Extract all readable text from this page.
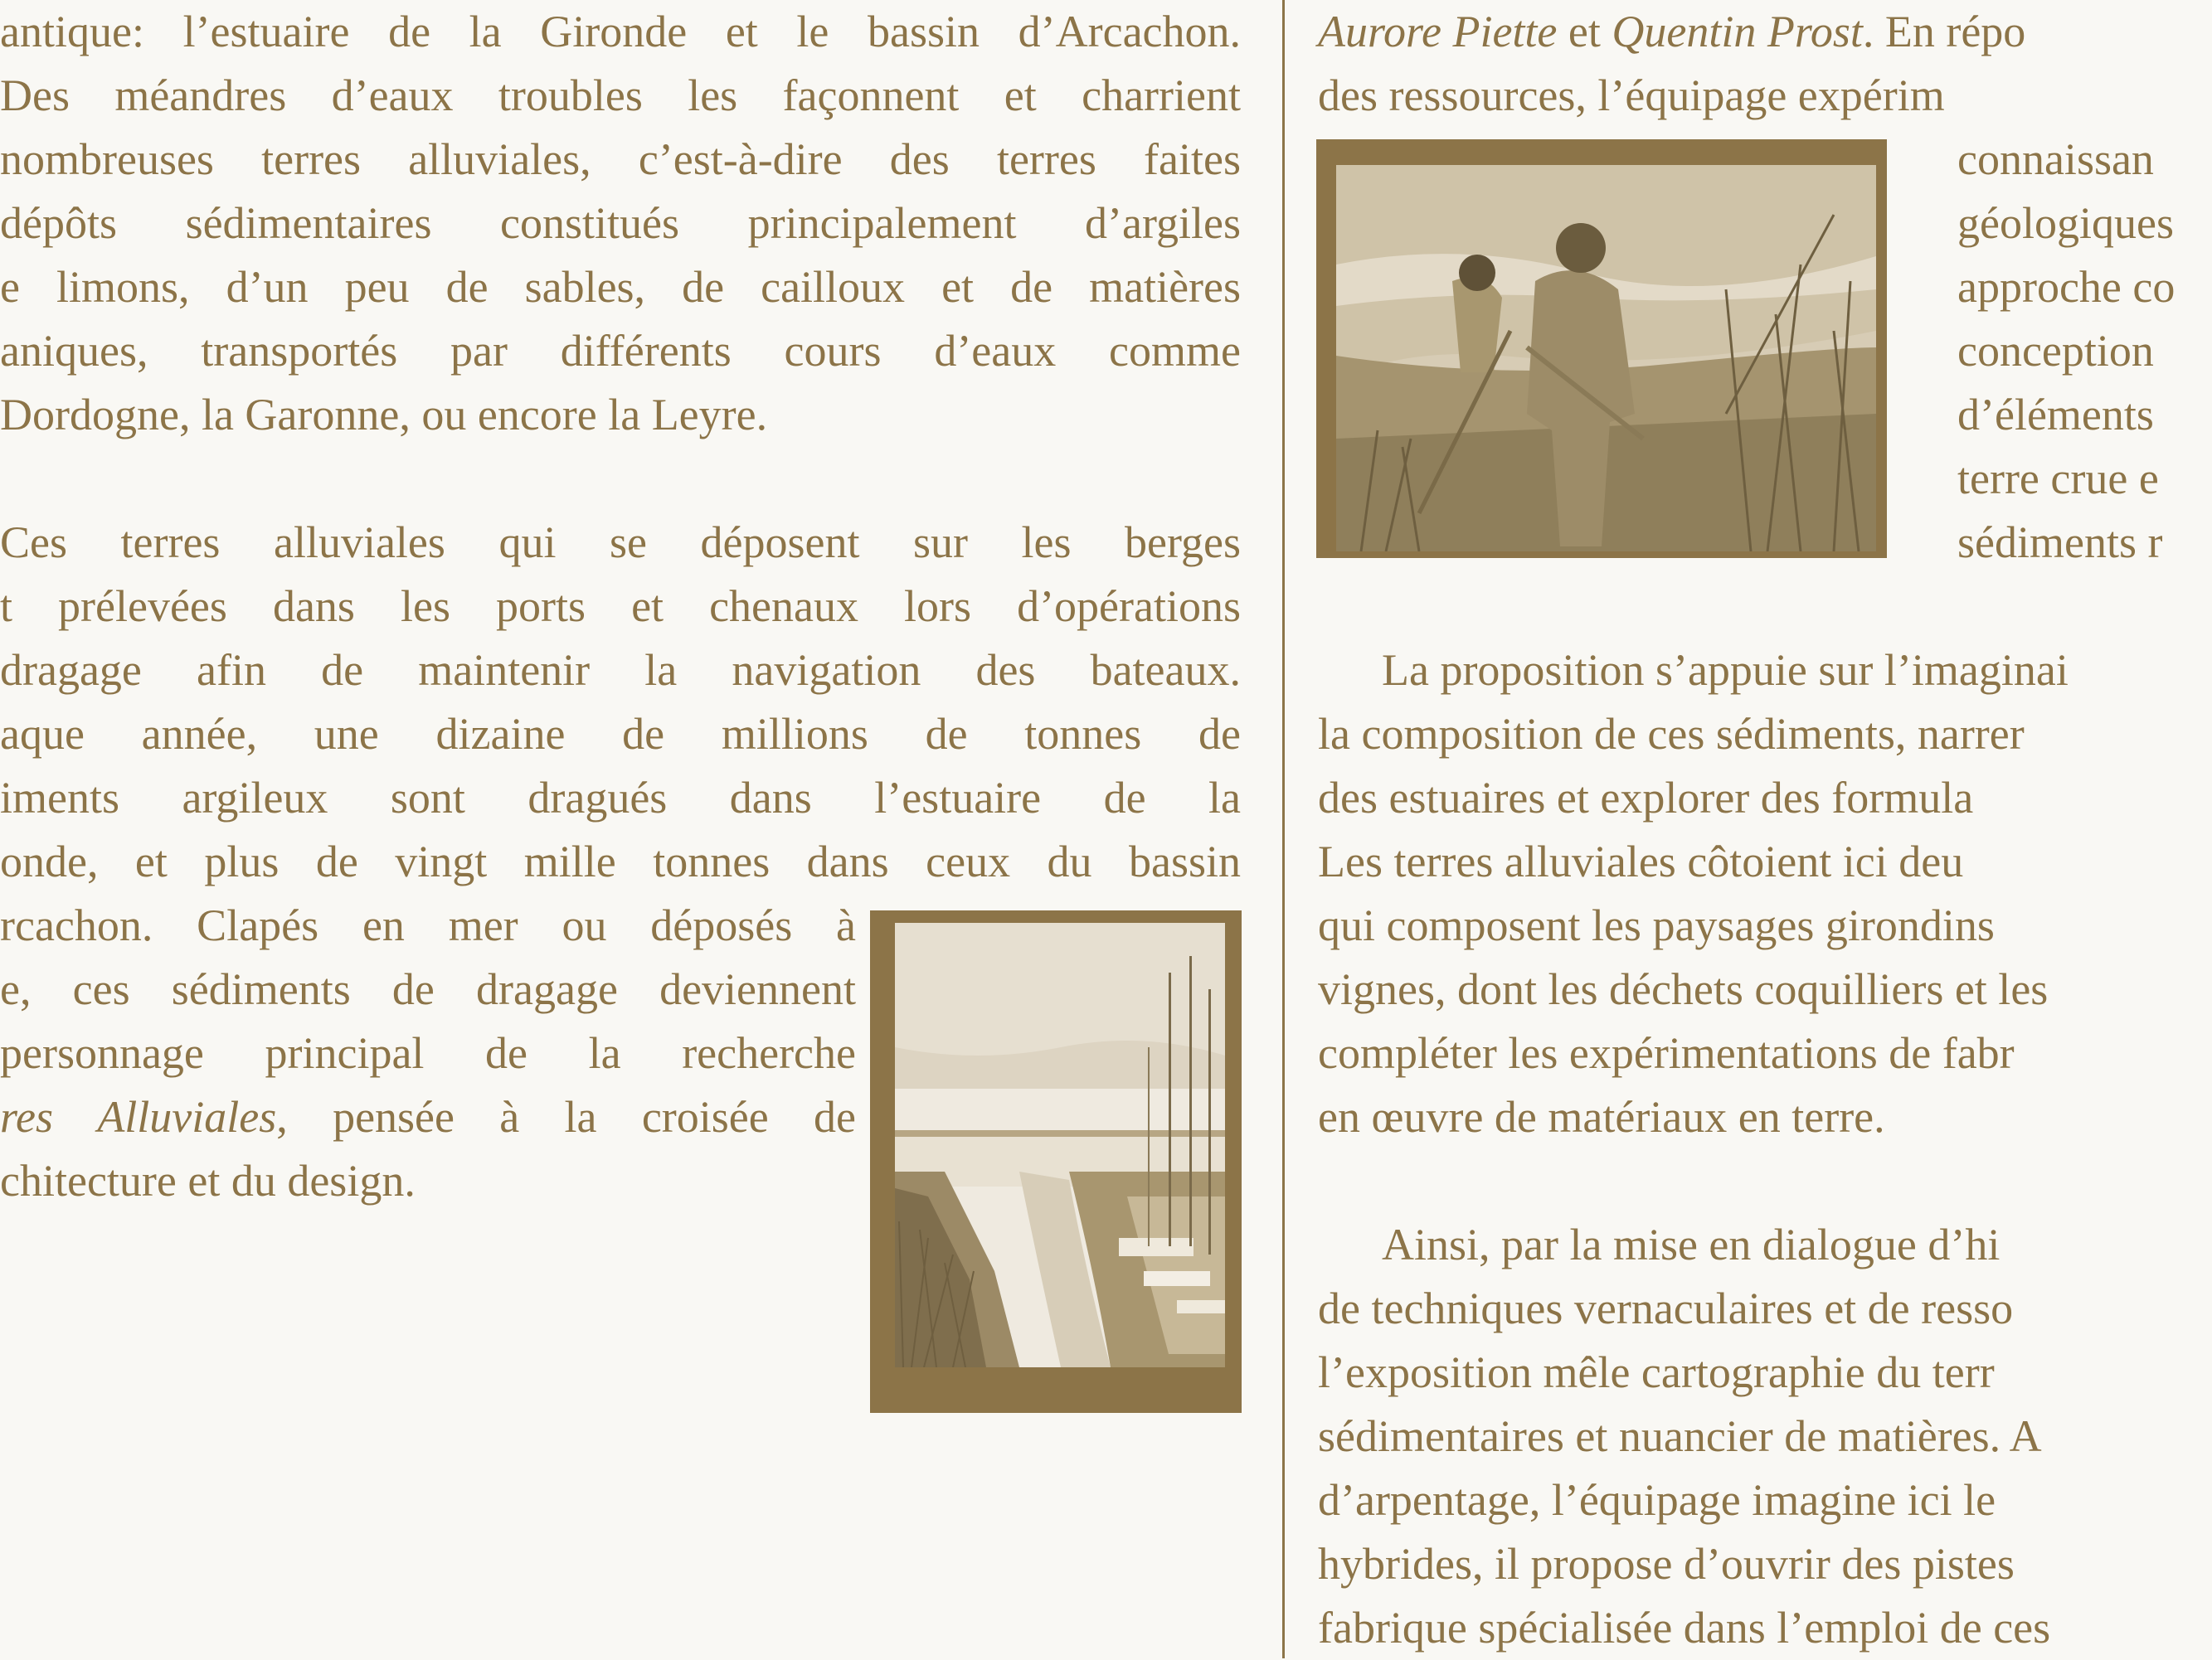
antique: l’estuaire de la Gironde et le bassin d’Arcachon.
Des méandres d’eaux troubles les façonnent et charrient
nombreuses terres alluviales, c’est-à-dire des terres faites
dépôts sédimentaires constitués principalement d’argiles
e limons, d’un peu de sables, de cailloux et de matières
aniques, transportés par différents cours d’eaux comme
Dordogne, la Garonne, ou encore la Leyre.
Ces terres alluviales qui se déposent sur les berges
t prélevées dans les ports et chenaux lors d’opérations
dragage afin de maintenir la navigation des bateaux.
aque année, une dizaine de millions de tonnes de
iments argileux sont dragués dans l’estuaire de la
onde, et plus de vingt mille tonnes dans ceux du bassin
rcachon. Clapés en mer ou déposés à
e, ces sédiments de dragage deviennent
personnage principal de la recherche
res Alluviales, pensée à la croisée de
chitecture et du design.
Aurore Piette et Quentin Prost. En répo
des ressources, l’équipage expérim
connaissan
géologiques
approche co
conception
d’éléments
terre crue e
sédiments r
La proposition s’appuie sur l’imaginai
la composition de ces sédiments, narrer
des estuaires et explorer des formula
Les terres alluviales côtoient ici deu
qui composent les paysages girondins
vignes, dont les déchets coquilliers et les
compléter les expérimentations de fabr
en œuvre de matériaux en terre.
Ainsi, par la mise en dialogue d’hi
de techniques vernaculaires et de resso
l’exposition mêle cartographie du terr
sédimentaires et nuancier de matières. A
d’arpentage, l’équipage imagine ici le
hybrides, il propose d’ouvrir des pistes
fabrique spécialisée dans l’emploi de ces
